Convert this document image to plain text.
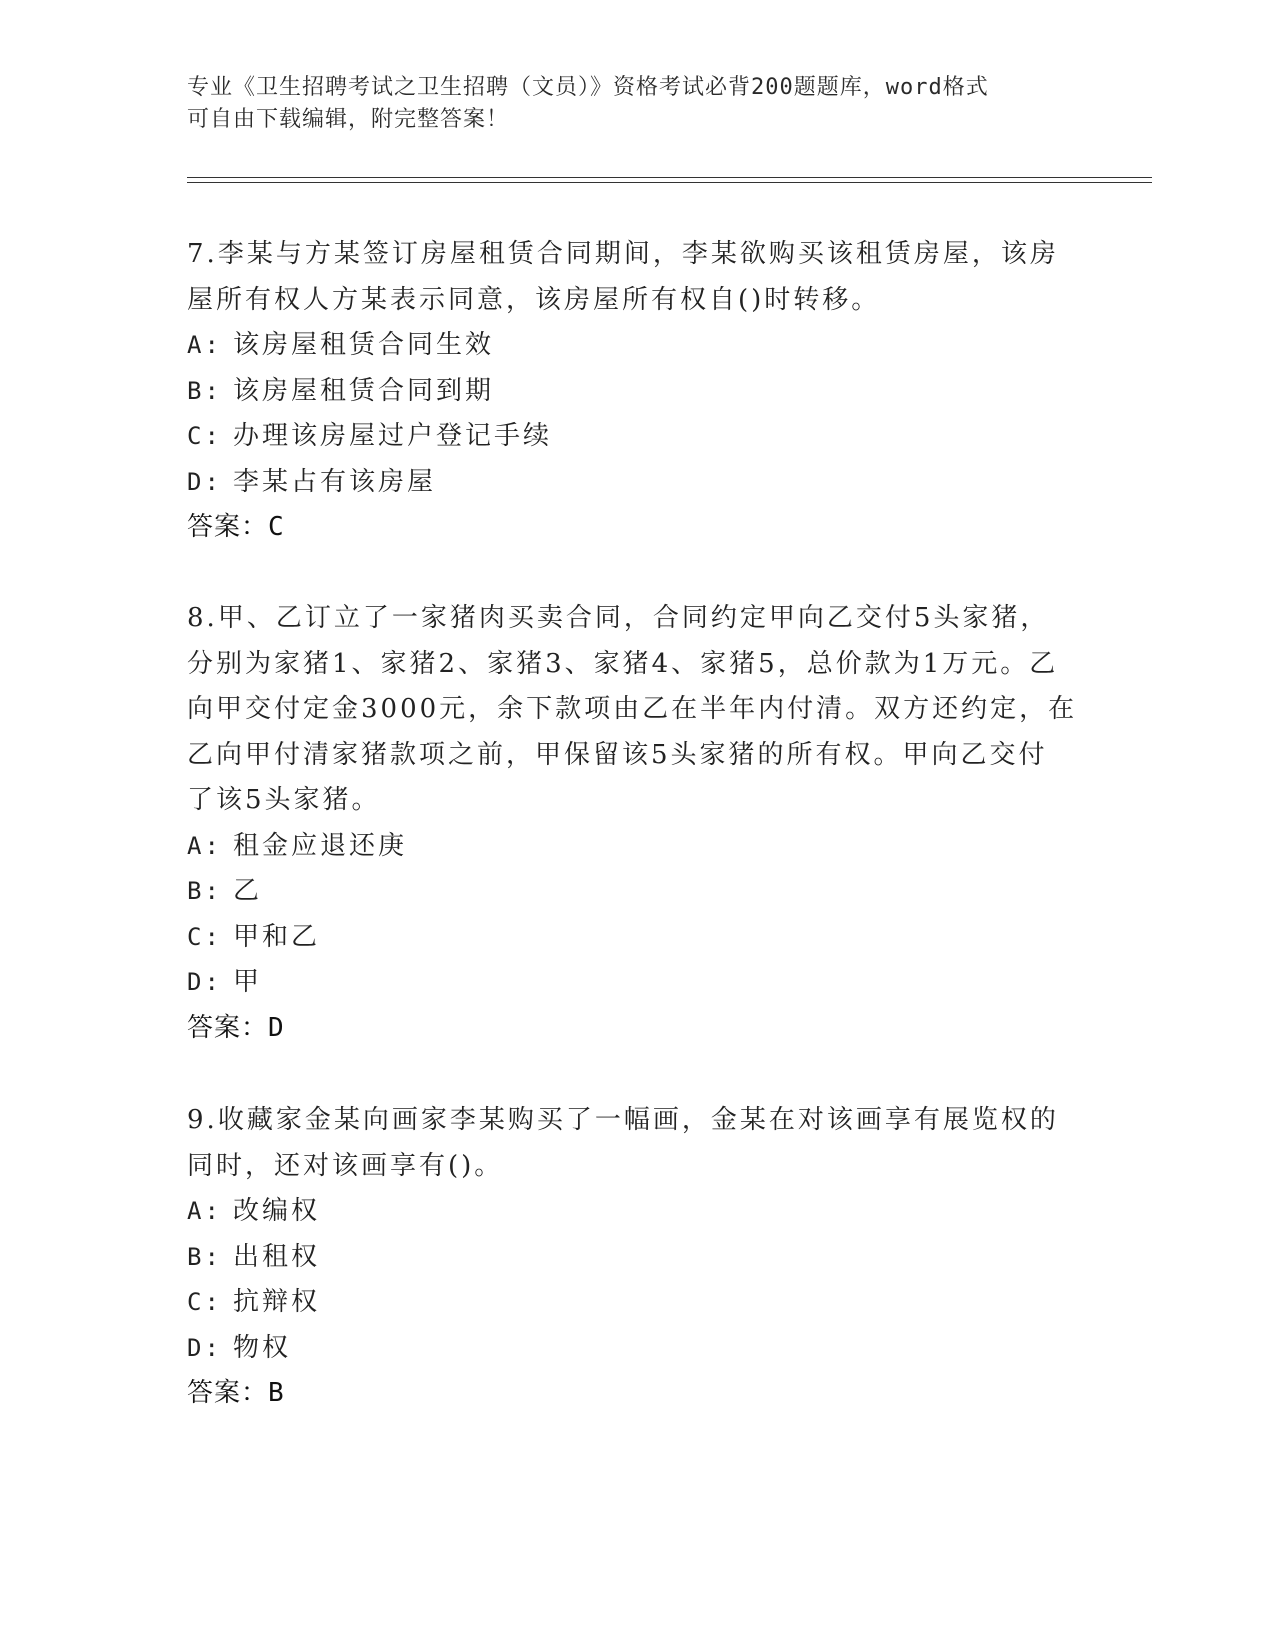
专业《卫生招聘考试之卫生招聘（文员）》资格考试必背200题题库，word格式
可自由下载编辑，附完整答案！

7.李某与方某签订房屋租赁合同期间，李某欲购买该租赁房屋，该房

屋所有权人方某表示同意，该房屋所有权自()时转移。

A: 该房屋租赁合同生效
B: 该房屋租赁合同到期
C: 办理该房屋过户登记手续
D: 李某占有该房屋

答案：C

8.甲、乙订立了一家猪肉买卖合同，合同约定甲向乙交付5头家猪，

分别为家猪1、家猪2、家猪3、家猪4、家猪5，总价款为1万元。乙

向甲交付定金3000元，余下款项由乙在半年内付清。双方还约定，在

乙向甲付清家猪款项之前，甲保留该5头家猪的所有权。甲向乙交付

了该5头家猪。

A: 租金应退还庚
B: 乙
C: 甲和乙
D: 甲

答案：D

9.收藏家金某向画家李某购买了一幅画，金某在对该画享有展览权的

同时，还对该画享有()。

A: 改编权
B: 出租权
C: 抗辩权
D: 物权

答案：B
